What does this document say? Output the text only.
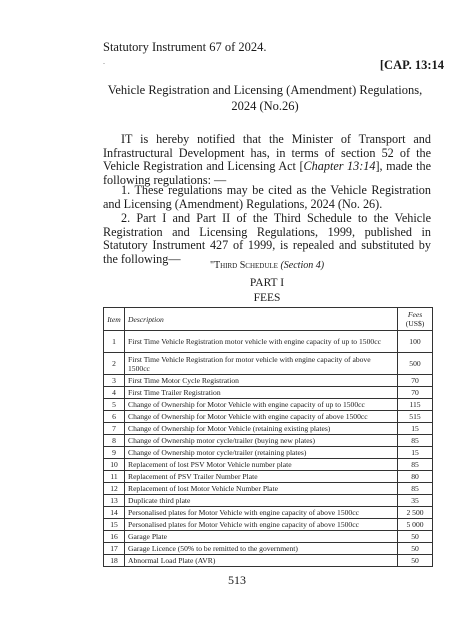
Statutory Instrument 67 of 2024.
.	[CAP. 13:14
Vehicle Registration and Licensing (Amendment) Regulations,
2024 (No.26)
IT is hereby notified that the Minister of Transport and Infrastructural Development has, in terms of section 52 of the Vehicle Registration and Licensing Act [Chapter 13:14], made the following regulations: —
1. These regulations may be cited as the Vehicle Registration and Licensing (Amendment) Regulations, 2024 (No. 26).
2. Part I and Part II of the Third Schedule to the Vehicle Registration and Licensing Regulations, 1999, published in Statutory Instrument 427 of 1999, is repealed and substituted by the following—	"Third Schedule (Section 4)
PART I
FEES
Item	Description	Fees
(US$)

1	First Time Vehicle Registration motor vehicle with engine capacity of up to 1500cc	100
2	First Time Vehicle Registration for motor vehicle with engine capacity of above 1500cc	500
3	First Time Motor Cycle Registration	70
4	First Time Trailer Registration	70
5	Change of Ownership for Motor Vehicle with engine capacity of up to 1500cc	115
6	Change of Ownership for Motor Vehicle with engine capacity of above 1500cc	515
7	Change of Ownership for Motor Vehicle (retaining existing plates)	15
8	Change of Ownership motor cycle/trailer (buying new plates)	85
9	Change of Ownership motor cycle/trailer (retaining plates)	15
10	Replacement of lost PSV Motor Vehicle number plate	85
11	Replacement of PSV Trailer Number Plate	80
12	Replacement of lost Motor Vehicle Number Plate	85
13	Duplicate third plate	35
14	Personalised plates for Motor Vehicle with engine capacity of above 1500cc	2 500
15	Personalised plates for Motor Vehicle with engine capacity of above 1500cc	5 000
16	Garage Plate	50
17	Garage Licence (50% to be remitted to the government)	50
18	Abnormal Load Plate (AVR)	50
513
